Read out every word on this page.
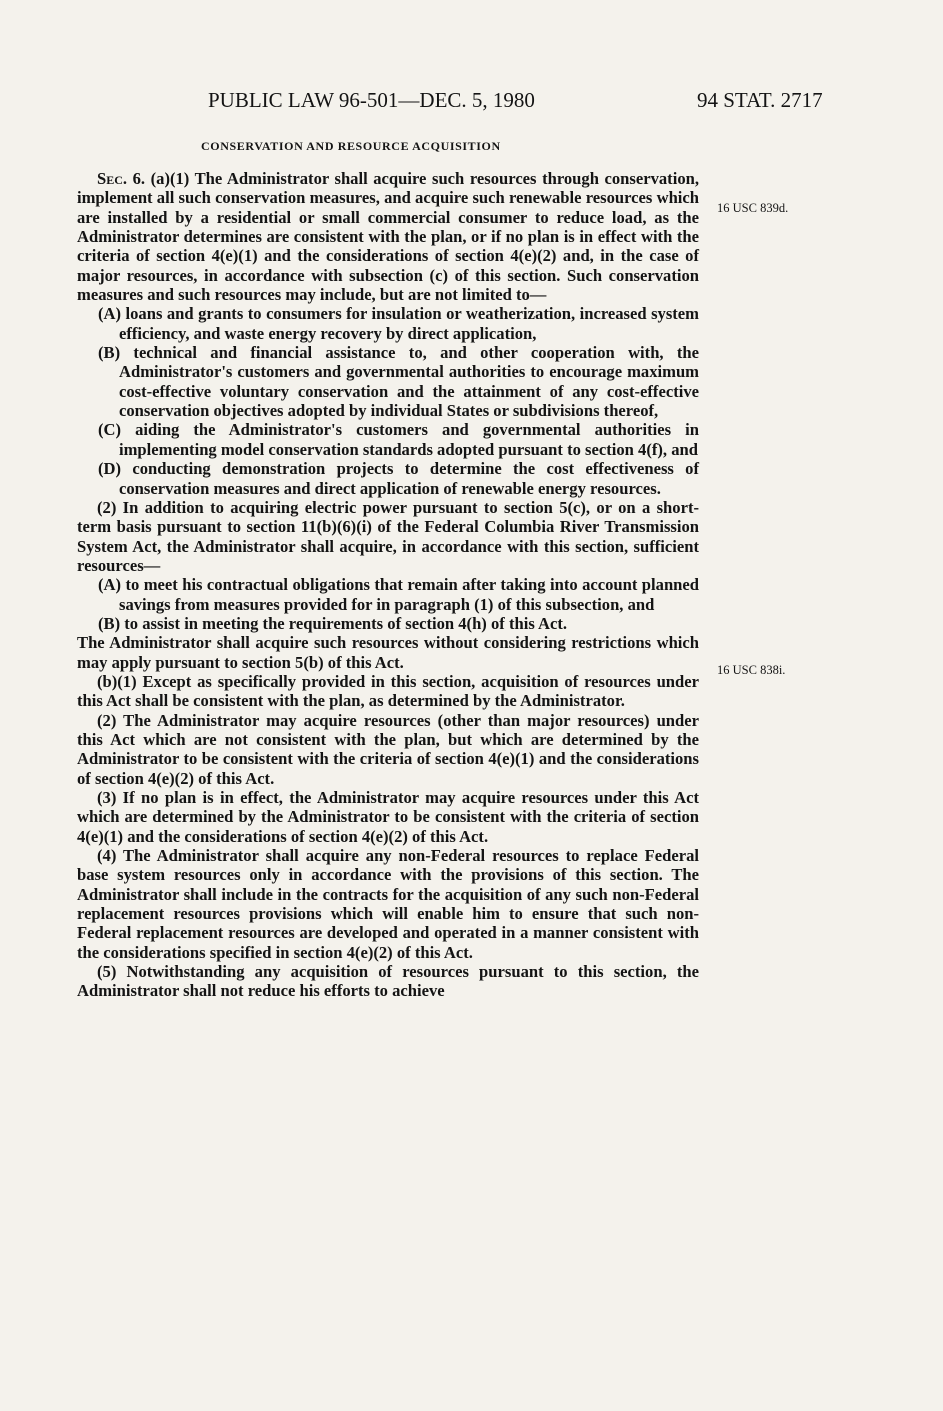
PUBLIC LAW 96-501—DEC. 5, 1980	94 STAT. 2717
CONSERVATION AND RESOURCE ACQUISITION
16 USC 839d.
16 USC 838i.

Sec. 6. (a)(1) The Administrator shall acquire such resources through conservation, implement all such conservation measures, and acquire such renewable resources which are installed by a residential or small commercial consumer to reduce load, as the Administrator determines are consistent with the plan, or if no plan is in effect with the criteria of section 4(e)(1) and the considerations of section 4(e)(2) and, in the case of major resources, in accordance with subsection (c) of this section. Such conservation measures and such resources may include, but are not limited to—

(A) loans and grants to consumers for insulation or weatherization, increased system efficiency, and waste energy recovery by direct application,

(B) technical and financial assistance to, and other cooperation with, the Administrator's customers and governmental authorities to encourage maximum cost-effective voluntary conservation and the attainment of any cost-effective conservation objectives adopted by individual States or subdivisions thereof,

(C) aiding the Administrator's customers and governmental authorities in implementing model conservation standards adopted pursuant to section 4(f), and

(D) conducting demonstration projects to determine the cost effectiveness of conservation measures and direct application of renewable energy resources.

(2) In addition to acquiring electric power pursuant to section 5(c), or on a short-term basis pursuant to section 11(b)(6)(i) of the Federal Columbia River Transmission System Act, the Administrator shall acquire, in accordance with this section, sufficient resources—

(A) to meet his contractual obligations that remain after taking into account planned savings from measures provided for in paragraph (1) of this subsection, and

(B) to assist in meeting the requirements of section 4(h) of this Act.

The Administrator shall acquire such resources without considering restrictions which may apply pursuant to section 5(b) of this Act.

(b)(1) Except as specifically provided in this section, acquisition of resources under this Act shall be consistent with the plan, as determined by the Administrator.

(2) The Administrator may acquire resources (other than major resources) under this Act which are not consistent with the plan, but which are determined by the Administrator to be consistent with the criteria of section 4(e)(1) and the considerations of section 4(e)(2) of this Act.

(3) If no plan is in effect, the Administrator may acquire resources under this Act which are determined by the Administrator to be consistent with the criteria of section 4(e)(1) and the considerations of section 4(e)(2) of this Act.

(4) The Administrator shall acquire any non-Federal resources to replace Federal base system resources only in accordance with the provisions of this section. The Administrator shall include in the contracts for the acquisition of any such non-Federal replacement resources provisions which will enable him to ensure that such non-Federal replacement resources are developed and operated in a manner consistent with the considerations specified in section 4(e)(2) of this Act.

(5) Notwithstanding any acquisition of resources pursuant to this section, the Administrator shall not reduce his efforts to achieve
